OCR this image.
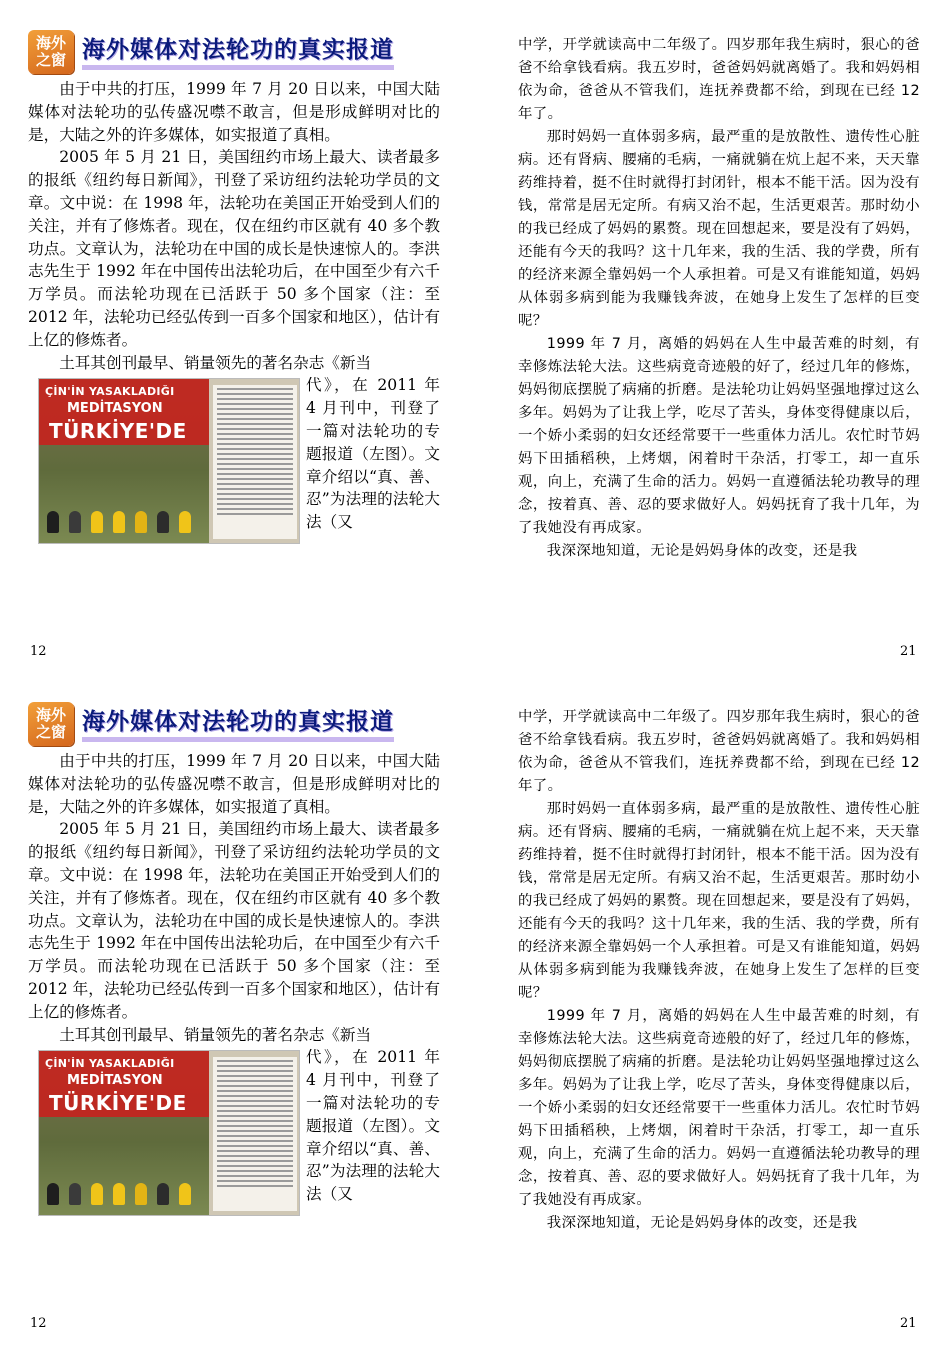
海外
之窗 海外媒体对法轮功的真实报道

由于中共的打压，1999 年 7 月 20 日以来，中国大陆媒体对法轮功的弘传盛况噤不敢言，但是形成鲜明对比的是，大陆之外的许多媒体，如实报道了真相。

2005 年 5 月 21 日，美国纽约市场上最大、读者最多的报纸《纽约每日新闻》，刊登了采访纽约法轮功学员的文章。文中说：在 1998 年，法轮功在美国正开始受到人们的关注，并有了修炼者。现在，仅在纽约市区就有 40 多个教功点。文章认为，法轮功在中国的成长是快速惊人的。李洪志先生于 1992 年在中国传出法轮功后，在中国至少有六千万学员。而法轮功现在已活跃于 50 多个国家（注：至 2012 年，法轮功已经弘传到一百多个国家和地区），估计有上亿的修炼者。

土耳其创刊最早、销量领先的著名杂志《新当

ÇİN'İN YASAKLADIĞI
MEDİTASYON
TÜRKİYE'DE

代》，在 2011 年 4 月刊中，刊登了一篇对法轮功的专题报道（左图）。文章介绍以“真、善、忍”为法理的法轮大法（又

中学，开学就读高中二年级了。四岁那年我生病时，狠心的爸爸不给拿钱看病。我五岁时，爸爸妈妈就离婚了。我和妈妈相依为命，爸爸从不管我们，连抚养费都不给，到现在已经 12 年了。

那时妈妈一直体弱多病，最严重的是放散性、遗传性心脏病。还有肾病、腰痛的毛病，一痛就躺在炕上起不来，天天靠药维持着，挺不住时就得打封闭针，根本不能干活。因为没有钱，常常是居无定所。有病又治不起，生活更艰苦。那时幼小的我已经成了妈妈的累赘。现在回想起来，要是没有了妈妈，还能有今天的我吗？这十几年来，我的生活、我的学费，所有的经济来源全靠妈妈一个人承担着。可是又有谁能知道，妈妈从体弱多病到能为我赚钱奔波，在她身上发生了怎样的巨变呢？

1999 年 7 月，离婚的妈妈在人生中最苦难的时刻，有幸修炼法轮大法。这些病竟奇迹般的好了，经过几年的修炼，妈妈彻底摆脱了病痛的折磨。是法轮功让妈妈坚强地撑过这么多年。妈妈为了让我上学，吃尽了苦头，身体变得健康以后，一个娇小柔弱的妇女还经常要干一些重体力活儿。农忙时节妈妈下田插稻秧，上烤烟，闲着时干杂活，打零工，却一直乐观，向上，充满了生命的活力。妈妈一直遵循法轮功教导的理念，按着真、善、忍的要求做好人。妈妈抚育了我十几年，为了我她没有再成家。

我深深地知道，无论是妈妈身体的改变，还是我

12	21
海外
之窗 海外媒体对法轮功的真实报道

由于中共的打压，1999 年 7 月 20 日以来，中国大陆媒体对法轮功的弘传盛况噤不敢言，但是形成鲜明对比的是，大陆之外的许多媒体，如实报道了真相。

2005 年 5 月 21 日，美国纽约市场上最大、读者最多的报纸《纽约每日新闻》，刊登了采访纽约法轮功学员的文章。文中说：在 1998 年，法轮功在美国正开始受到人们的关注，并有了修炼者。现在，仅在纽约市区就有 40 多个教功点。文章认为，法轮功在中国的成长是快速惊人的。李洪志先生于 1992 年在中国传出法轮功后，在中国至少有六千万学员。而法轮功现在已活跃于 50 多个国家（注：至 2012 年，法轮功已经弘传到一百多个国家和地区），估计有上亿的修炼者。

土耳其创刊最早、销量领先的著名杂志《新当

ÇİN'İN YASAKLADIĞI
MEDİTASYON
TÜRKİYE'DE

代》，在 2011 年 4 月刊中，刊登了一篇对法轮功的专题报道（左图）。文章介绍以“真、善、忍”为法理的法轮大法（又

中学，开学就读高中二年级了。四岁那年我生病时，狠心的爸爸不给拿钱看病。我五岁时，爸爸妈妈就离婚了。我和妈妈相依为命，爸爸从不管我们，连抚养费都不给，到现在已经 12 年了。

那时妈妈一直体弱多病，最严重的是放散性、遗传性心脏病。还有肾病、腰痛的毛病，一痛就躺在炕上起不来，天天靠药维持着，挺不住时就得打封闭针，根本不能干活。因为没有钱，常常是居无定所。有病又治不起，生活更艰苦。那时幼小的我已经成了妈妈的累赘。现在回想起来，要是没有了妈妈，还能有今天的我吗？这十几年来，我的生活、我的学费，所有的经济来源全靠妈妈一个人承担着。可是又有谁能知道，妈妈从体弱多病到能为我赚钱奔波，在她身上发生了怎样的巨变呢？

1999 年 7 月，离婚的妈妈在人生中最苦难的时刻，有幸修炼法轮大法。这些病竟奇迹般的好了，经过几年的修炼，妈妈彻底摆脱了病痛的折磨。是法轮功让妈妈坚强地撑过这么多年。妈妈为了让我上学，吃尽了苦头，身体变得健康以后，一个娇小柔弱的妇女还经常要干一些重体力活儿。农忙时节妈妈下田插稻秧，上烤烟，闲着时干杂活，打零工，却一直乐观，向上，充满了生命的活力。妈妈一直遵循法轮功教导的理念，按着真、善、忍的要求做好人。妈妈抚育了我十几年，为了我她没有再成家。

我深深地知道，无论是妈妈身体的改变，还是我

12	21
